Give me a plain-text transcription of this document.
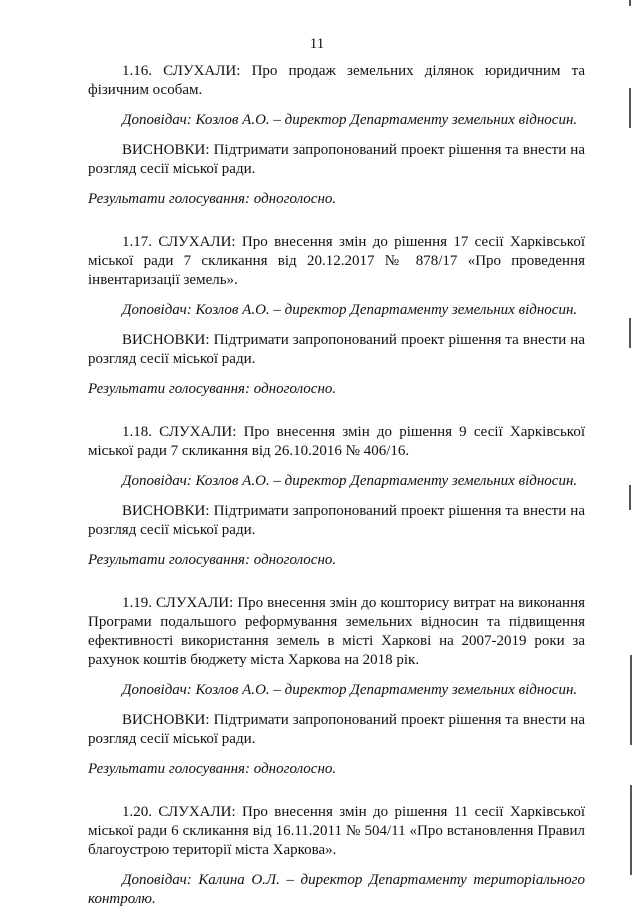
11

1.16. СЛУХАЛИ: Про продаж земельних ділянок юридичним та фізичним особам.

Доповідач: Козлов А.О. – директор Департаменту земельних відносин.

ВИСНОВКИ: Підтримати запропонований проект рішення та внести на розгляд сесії міської ради.

Результати голосування: одноголосно.

1.17. СЛУХАЛИ: Про внесення змін до рішення 17 сесії Харківської міської ради 7 скликання від 20.12.2017 № 878/17 «Про проведення інвентаризації земель».

Доповідач: Козлов А.О. – директор Департаменту земельних відносин.

ВИСНОВКИ: Підтримати запропонований проект рішення та внести на розгляд сесії міської ради.

Результати голосування: одноголосно.

1.18. СЛУХАЛИ: Про внесення змін до рішення 9 сесії Харківської міської ради 7 скликання від 26.10.2016 № 406/16.

Доповідач: Козлов А.О. – директор Департаменту земельних відносин.

ВИСНОВКИ: Підтримати запропонований проект рішення та внести на розгляд сесії міської ради.

Результати голосування: одноголосно.

1.19. СЛУХАЛИ: Про внесення змін до кошторису витрат на виконання Програми подальшого реформування земельних відносин та підвищення ефективності використання земель в місті Харкові на 2007-2019 роки за рахунок коштів бюджету міста Харкова на 2018 рік.

Доповідач: Козлов А.О. – директор Департаменту земельних відносин.

ВИСНОВКИ: Підтримати запропонований проект рішення та внести на розгляд сесії міської ради.

Результати голосування: одноголосно.

1.20. СЛУХАЛИ: Про внесення змін до рішення 11 сесії Харківської міської ради 6 скликання від 16.11.2011 № 504/11 «Про встановлення Правил благоустрою території міста Харкова».

Доповідач: Калина О.Л. – директор Департаменту територіального контролю.
